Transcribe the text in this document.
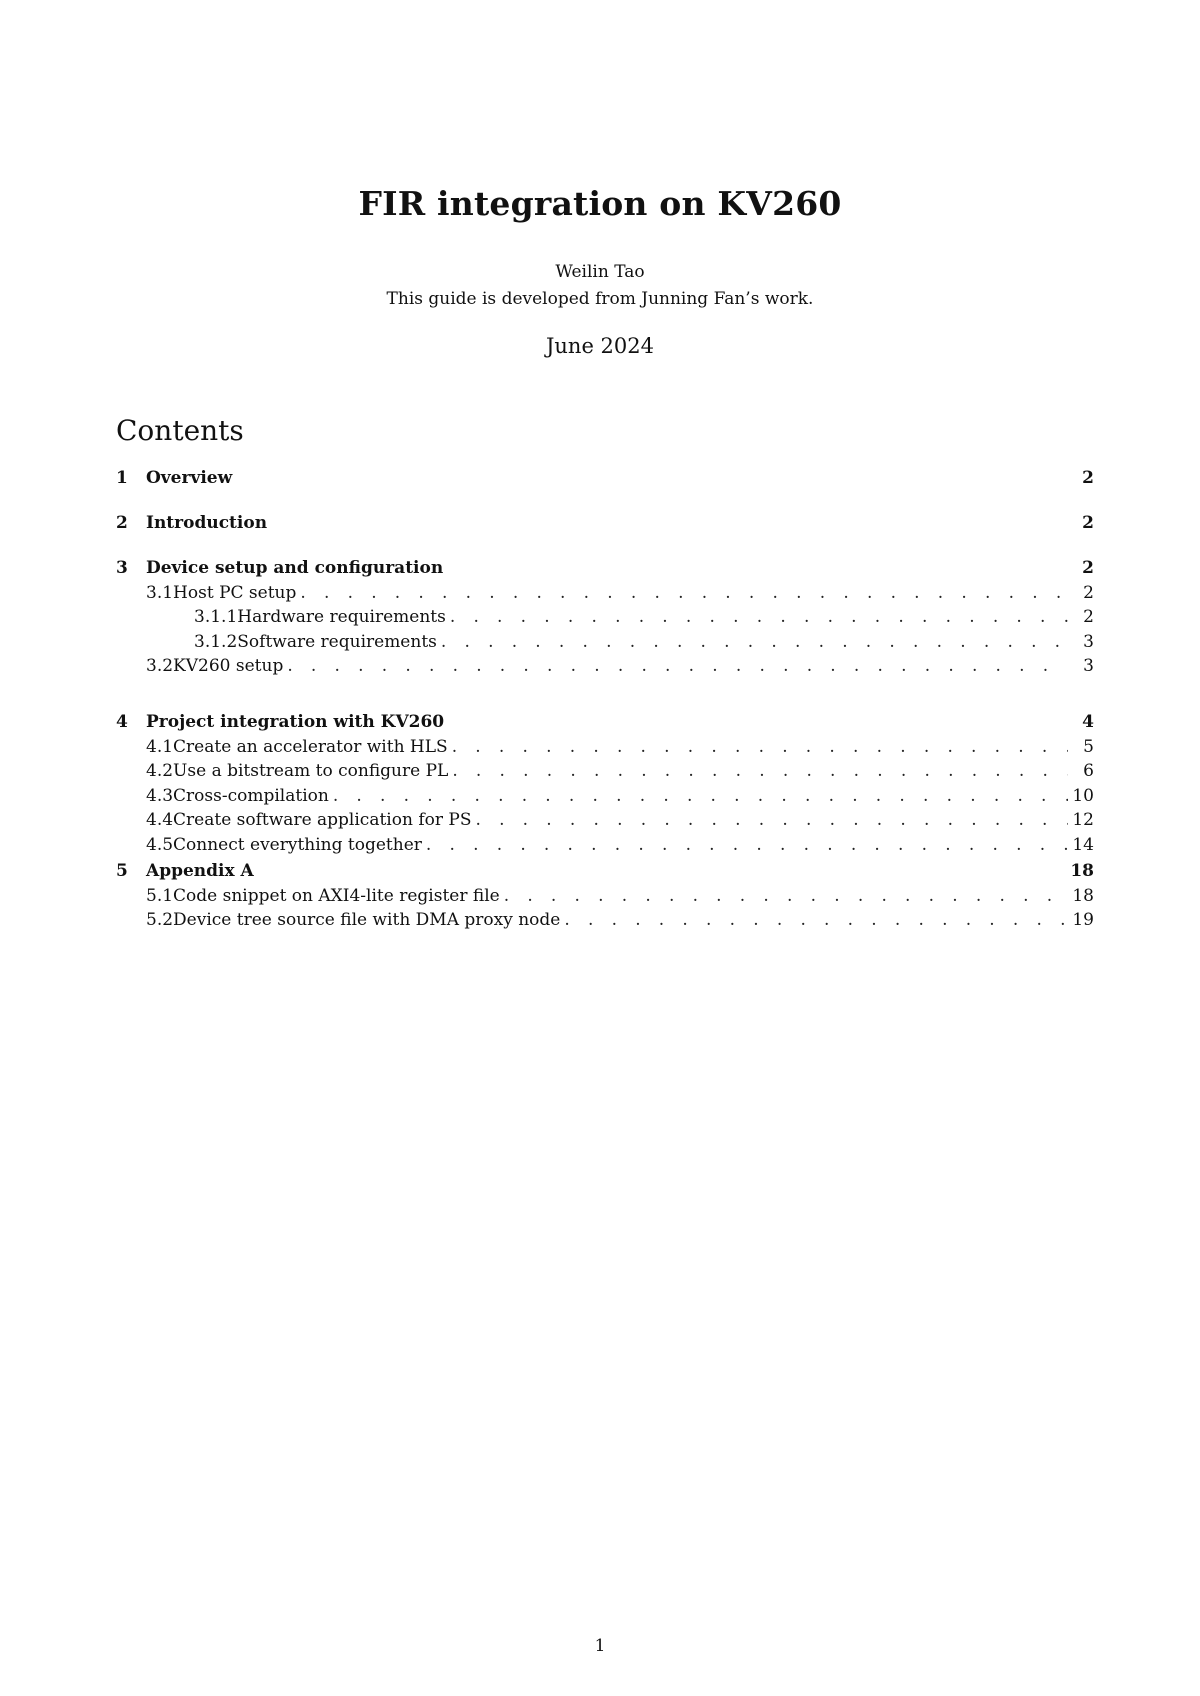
FIR integration on KV260
Weilin Tao
This guide is developed from Junning Fan’s work.
June 2024
Contents
1	Overview	2
2	Introduction	2
3	Device setup and configuration	2
3.1 Host PC setup . . .	2
3.1.1 Hardware requirements . . .	2
3.1.2 Software requirements . . .	3
3.2 KV260 setup . . .	3
4	Project integration with KV260	4
4.1 Create an accelerator with HLS . . .	5
4.2 Use a bitstream to configure PL . . .	6
4.3 Cross-compilation . . .	10
4.4 Create software application for PS . . .	12
4.5 Connect everything together . . .	14
5	Appendix A	18
5.1 Code snippet on AXI4-lite register file . . .	18
5.2 Device tree source file with DMA proxy node . . .	19
1
